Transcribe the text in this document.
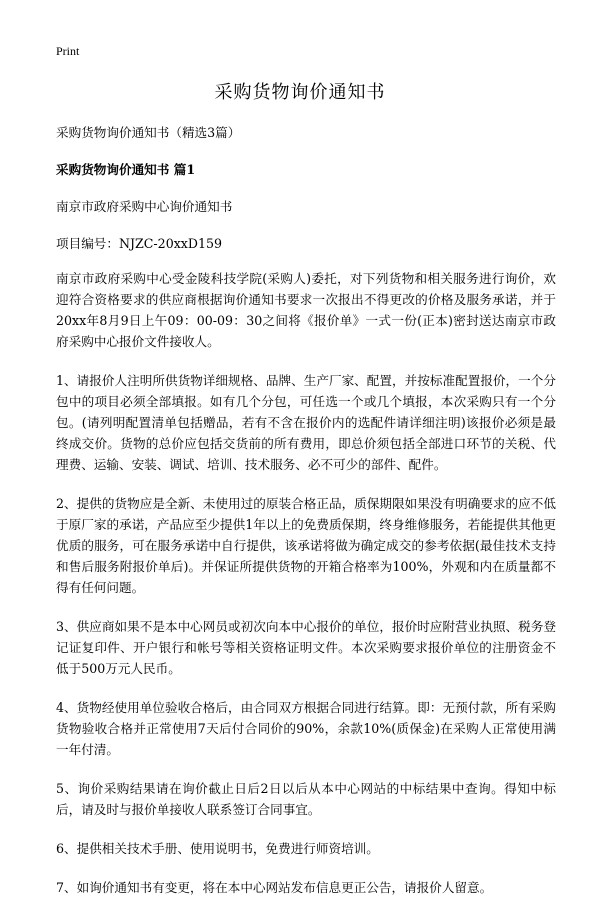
Print
采购货物询价通知书

采购货物询价通知书（精选3篇）

采购货物询价通知书 篇1

南京市政府采购中心询价通知书

项目编号：NJZC-20xxD159

南京市政府采购中心受金陵科技学院(采购人)委托，对下列货物和相关服务进行询价，欢迎符合资格要求的供应商根据询价通知书要求一次报出不得更改的价格及服务承诺，并于20xx年8月9日上午09：00-09：30之间将《报价单》一式一份(正本)密封送达南京市政府采购中心报价文件接收人。

1、请报价人注明所供货物详细规格、品牌、生产厂家、配置，并按标准配置报价，一个分包中的项目必须全部填报。如有几个分包，可任选一个或几个填报，本次采购只有一个分包。(请列明配置清单包括赠品，若有不含在报价内的选配件请详细注明)该报价必须是最终成交价。货物的总价应包括交货前的所有费用，即总价须包括全部进口环节的关税、代理费、运输、安装、调试、培训、技术服务、必不可少的部件、配件。

2、提供的货物应是全新、未使用过的原装合格正品，质保期限如果没有明确要求的应不低于原厂家的承诺，产品应至少提供1年以上的免费质保期，终身维修服务，若能提供其他更优质的服务，可在服务承诺中自行提供，该承诺将做为确定成交的参考依据(最佳技术支持和售后服务附报价单后)。并保证所提供货物的开箱合格率为100%，外观和内在质量都不得有任何问题。

3、供应商如果不是本中心网员或初次向本中心报价的单位，报价时应附营业执照、税务登记证复印件、开户银行和帐号等相关资格证明文件。本次采购要求报价单位的注册资金不低于500万元人民币。

4、货物经使用单位验收合格后，由合同双方根据合同进行结算。即：无预付款，所有采购货物验收合格并正常使用7天后付合同价的90%，余款10%(质保金)在采购人正常使用满一年付清。

5、询价采购结果请在询价截止日后2日以后从本中心网站的中标结果中查询。得知中标后，请及时与报价单接收人联系签订合同事宜。

6、提供相关技术手册、使用说明书，免费进行师资培训。

7、如询价通知书有变更，将在本中心网站发布信息更正公告，请报价人留意。
